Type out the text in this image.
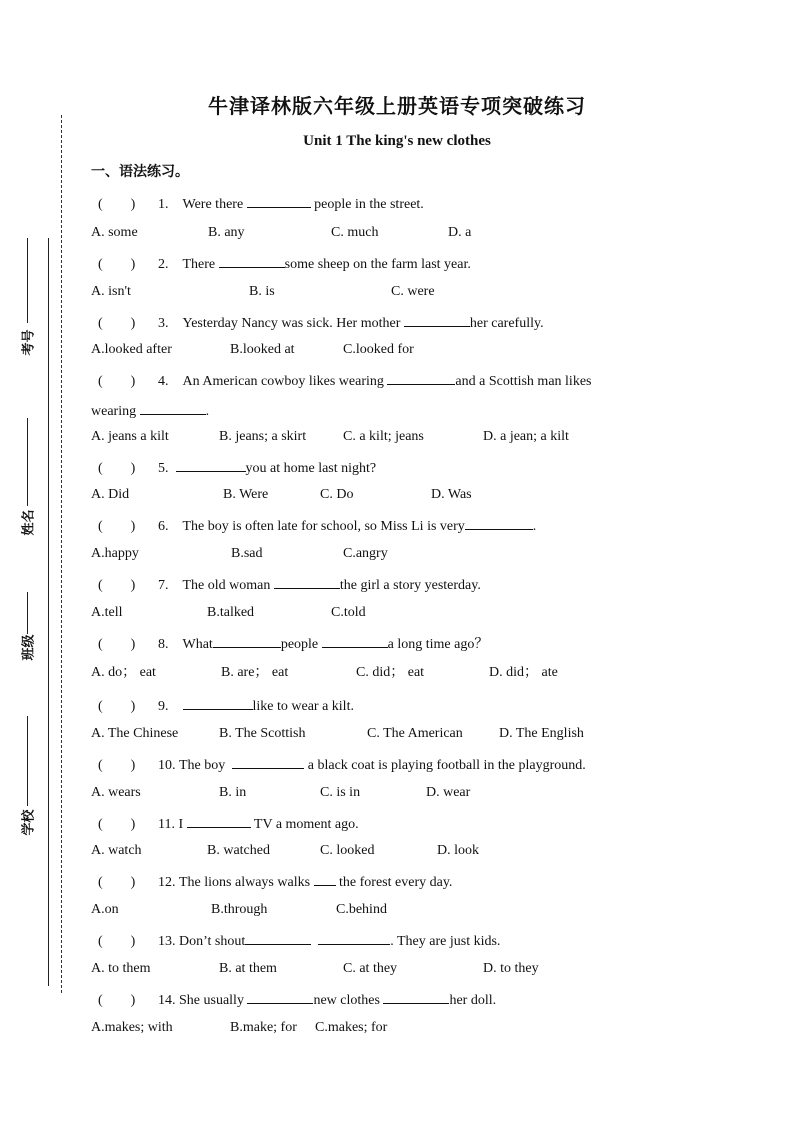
考号
姓名
班级
学校
牛津译林版六年级上册英语专项突破练习
Unit 1 The king's new clothes
一、语法练习。
(　　) 1. Were there	people in the street.
A. some	B. any	C. much	D. a
(　　) 2. There	some sheep on the farm last year.
A. isn't	B. is	C. were
(　　) 3. Yesterday Nancy was sick. Her mother	her carefully.
A.looked after	B.looked at	C.looked for
(　　) 4. An American cowboy likes wearing	and a Scottish man likes
wearing	.
A. jeans a kilt	B. jeans; a skirt	C. a kilt; jeans	D. a jean; a kilt
(　　) 5.	you at home last night?
A. Did	B. Were	C. Do	D. Was
(　　) 6. The boy is often late for school, so Miss Li is very	.
A.happy	B.sad	C.angry
(　　) 7. The old woman	the girl a story yesterday.
A.tell	B.talked	C.told
(　　) 8. What	people	a long time ago？
A. do； eat	B. are； eat	C. did； eat	D. did； ate
(　　) 9.	like to wear a kilt.
A. The Chinese	B. The Scottish	C. The American	D. The English
(　　) 10. The boy	a black coat is playing football in the playground.
A. wears	B. in	C. is in	D. wear
(　　) 11. I	TV a moment ago.
A. watch	B. watched	C. looked	D. look
(　　) 12. The lions always walks the forest every day.
A.on	B.through	C.behind
(　　) 13. Don’t shout	. They are just kids.
A. to them	B. at them	C. at they	D. to they
(　　) 14. She usually	new clothes	her doll.
A.makes; with	B.make; for C.makes; for
